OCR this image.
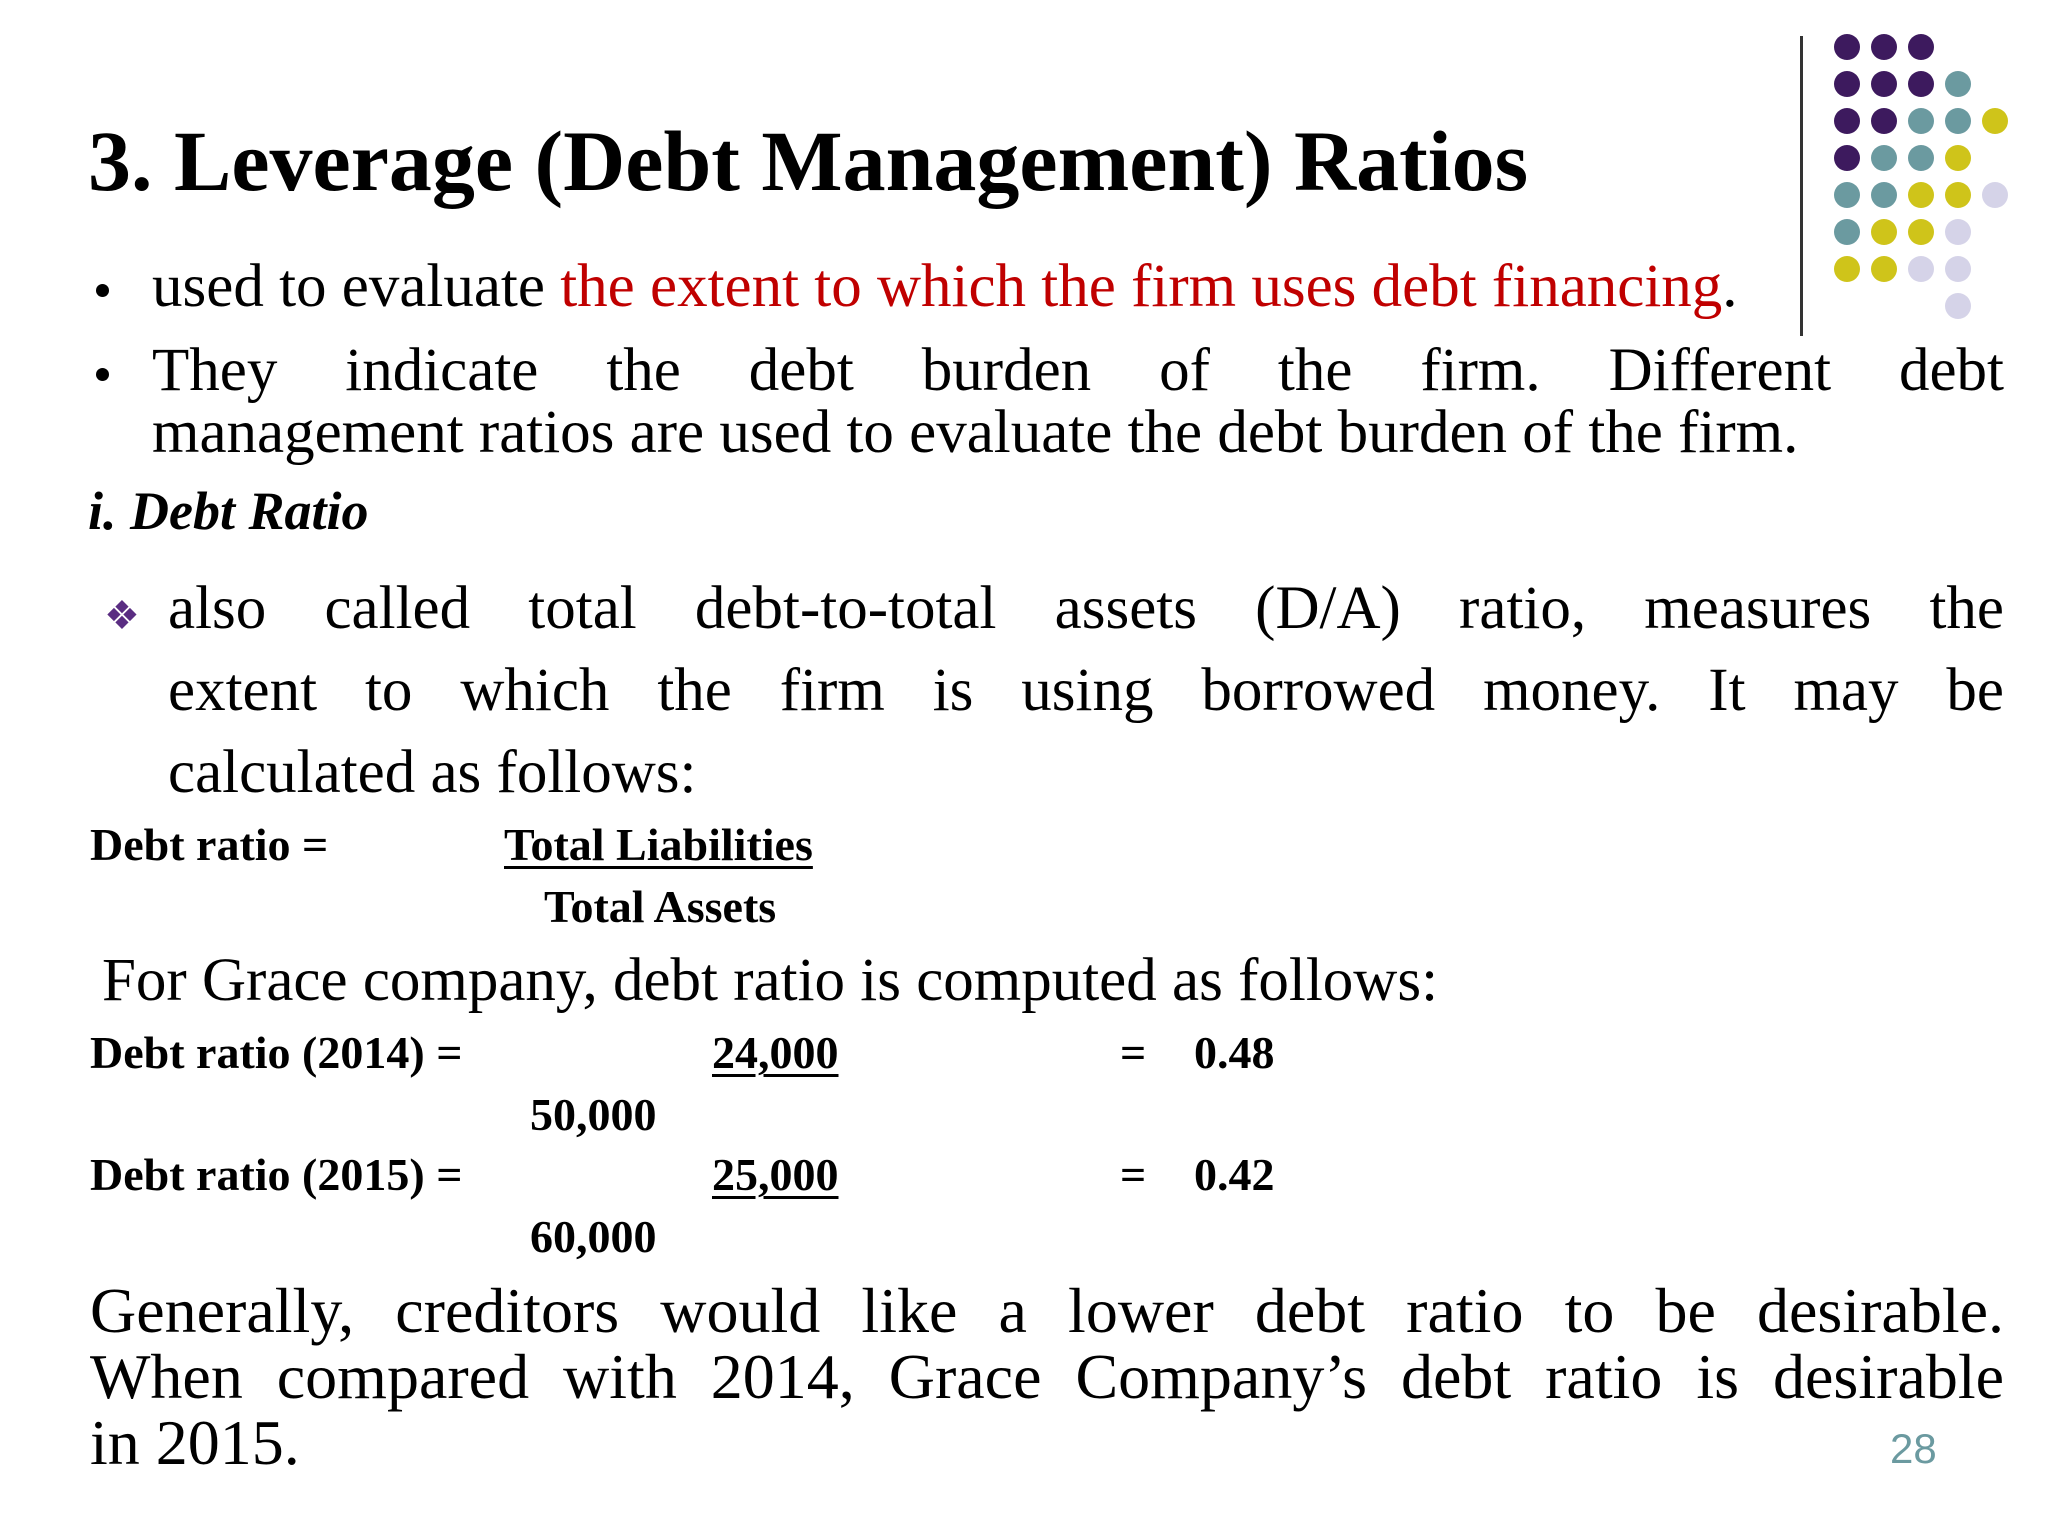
3. Leverage (Debt Management) Ratios
used to evaluate the extent to which the firm uses debt financing.
They indicate the debt burden of the firm. Different debt
management ratios are used to evaluate the debt burden of the firm.
i. Debt Ratio
❖ also called total debt-to-total assets (D/A) ratio, measures the
extent to which the firm is using borrowed money. It may be
calculated as follows:
Debt ratio =	Total Liabilities
Total Assets
For Grace company, debt ratio is computed as follows:
Debt ratio (2014) =	24,000	= 0.48
50,000
Debt ratio (2015) =	25,000	= 0.42
60,000
Generally, creditors would like a lower debt ratio to be desirable.
When compared with 2014, Grace Company’s debt ratio is desirable
in 2015.	28
